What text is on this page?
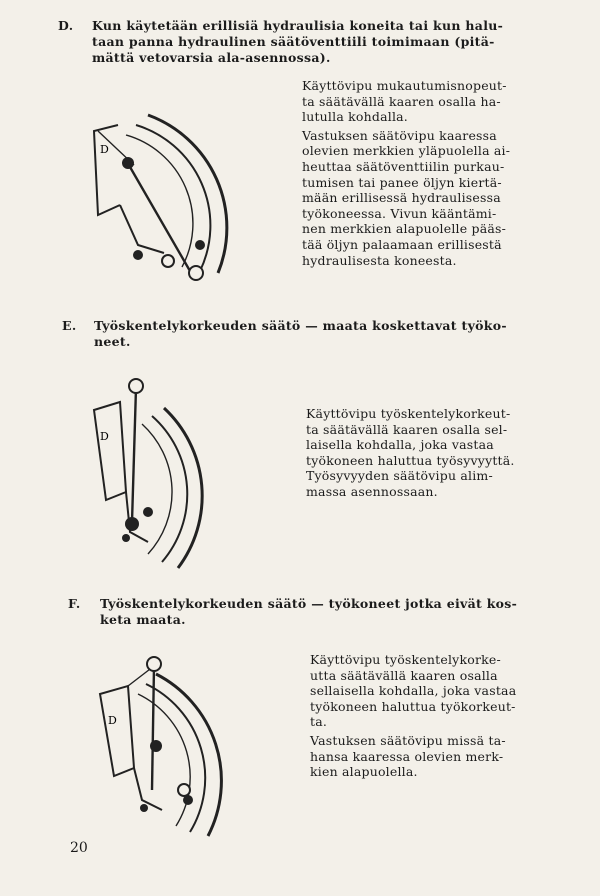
D. Kun käytetään erillisiä hydraulisia koneita tai kun halu-
taan panna hydraulinen säätöventtiili toimimaan (pitä-
mättä vetovarsia ala-asennossa).
D

Käyttövipu mukautumisnopeut-
ta säätävällä kaaren osalla ha-
lutulla kohdalla.

Vastuksen säätövipu kaaressa
olevien merkkien yläpuolella ai-
heuttaa säätöventtiilin purkau-
tumisen tai panee öljyn kiertä-
mään erillisessä hydraulisessa
työkoneessa. Vivun kääntämi-
nen merkkien alapuolelle pääs-
tää öljyn palaamaan erillisestä
hydraulisesta koneesta.

E. Työskentelykorkeuden säätö — maata koskettavat työko-
neet.
D

Käyttövipu työskentelykorkeut-
ta säätävällä kaaren osalla sel-
laisella kohdalla, joka vastaa
työkoneen haluttua työsyvyyttä.
Työsyvyyden säätövipu alim-
massa asennossaan.

F. Työskentelykorkeuden säätö — työkoneet jotka eivät kos-
keta maata.
D

Käyttövipu työskentelykorke-
utta säätävällä kaaren osalla
sellaisella kohdalla, joka vastaa
työkoneen haluttua työkorkeut-
ta.

Vastuksen säätövipu missä ta-
hansa kaaressa olevien merk-
kien alapuolella.

20
